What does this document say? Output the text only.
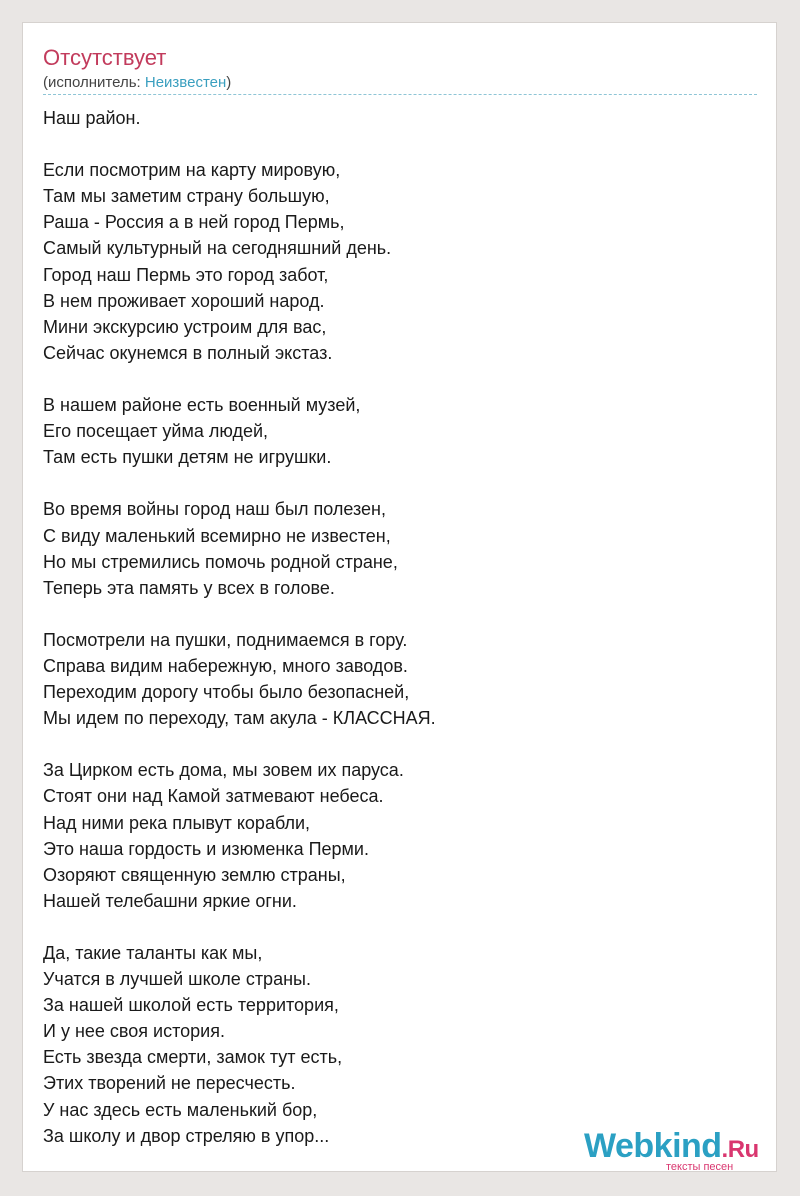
Отсутствует
(исполнитель: Неизвестен)
Наш район.
Если посмотрим на карту мировую,
Там мы заметим страну большую,
Раша - Россия а в ней город Пермь,
Самый культурный на сегодняшний день.
Город наш Пермь это город забот,
В нем проживает хороший народ.
Мини экскурсию устроим для вас,
Сейчас окунемся в полный экстаз.
В нашем районе есть военный музей,
Его посещает уйма людей,
Там есть пушки детям не игрушки.
Во время войны город наш был полезен,
С виду маленький всемирно не известен,
Но мы стремились помочь родной стране,
Теперь эта память у всех в голове.
Посмотрели на пушки, поднимаемся в гору.
Справа видим набережную, много заводов.
Переходим дорогу чтобы было безопасней,
Мы идем по переходу, там акула - КЛАССНАЯ.
За Цирком есть дома, мы зовем их паруса.
Стоят они над Камой затмевают небеса.
Над ними река плывут корабли,
Это наша гордость и изюменка Перми.
Озоряют священную землю страны,
Нашей телебашни яркие огни.
Да, такие таланты как мы,
Учатся в лучшей школе страны.
За нашей школой есть территория,
И у нее своя история.
Есть звезда смерти, замок тут есть,
Этих творений не пересчесть.
У нас здесь есть маленький бор,
За школу и двор стреляю в упор...	Webkind.Ru
тексты песен
